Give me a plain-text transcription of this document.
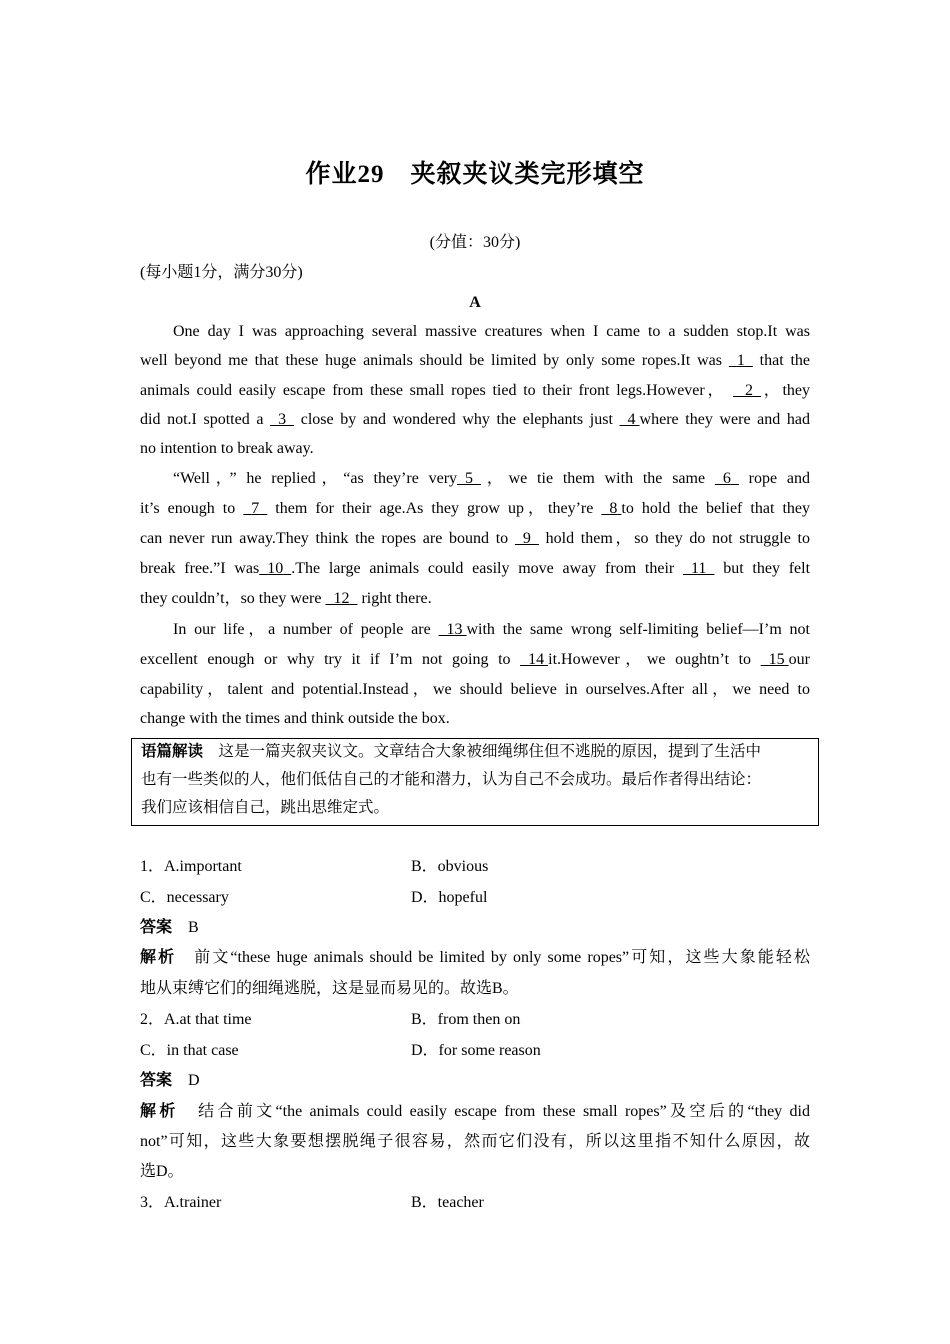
作业29　夹叙夹议类完形填空
(分值：30分)
(每小题1分，满分30分)
A
One day I was approaching several massive creatures when I came to a sudden stop.It was
well beyond me that these huge animals should be limited by only some ropes.It was 1 that the
animals could easily escape from these small ropes tied to their front legs.However， 2 ，they
did not.I spotted a 3 close by and wondered why the elephants just 4 where they were and had
no intention to break away.
“Well，” he replied，“as they’re very 5 ，we tie them with the same 6 rope and
it’s enough to 7 them for their age.As they grow up，they’re 8 to hold the belief that they
can never run away.They think the ropes are bound to 9 hold them，so they do not struggle to
break free.”I was 10 .The large animals could easily move away from their 11 but they felt
they couldn’t，so they were 12 right there.
In our life，a number of people are 13 with the same wrong self-limiting belief—I’m not
excellent enough or why try it if I’m not going to 14 it.However，we oughtn’t to 15 our
capability，talent and potential.Instead，we should believe in ourselves.After all，we need to
change with the times and think outside the box.
语篇解读　 这是一篇夹叙夹议文。文章结合大象被细绳绑住但不逃脱的原因，提到了生活中
也有一些类似的人，他们低估自己的才能和潜力，认为自己不会成功。最后作者得出结论：
我们应该相信自己，跳出思维定式。
1．A.important	B．obvious
C．necessary	D．hopeful
答案　 B
解析　 前文“these huge animals should be limited by only some ropes”可知，这些大象能轻松
地从束缚它们的细绳逃脱，这是显而易见的。故选B。
2．A.at that time	B．from then on
C．in that case	D．for some reason
答案　 D
解析　 结合前文“the animals could easily escape from these small ropes”及空后的“they did
not”可知，这些大象要想摆脱绳子很容易，然而它们没有，所以这里指不知什么原因，故
选D。
3．A.trainer	B．teacher
